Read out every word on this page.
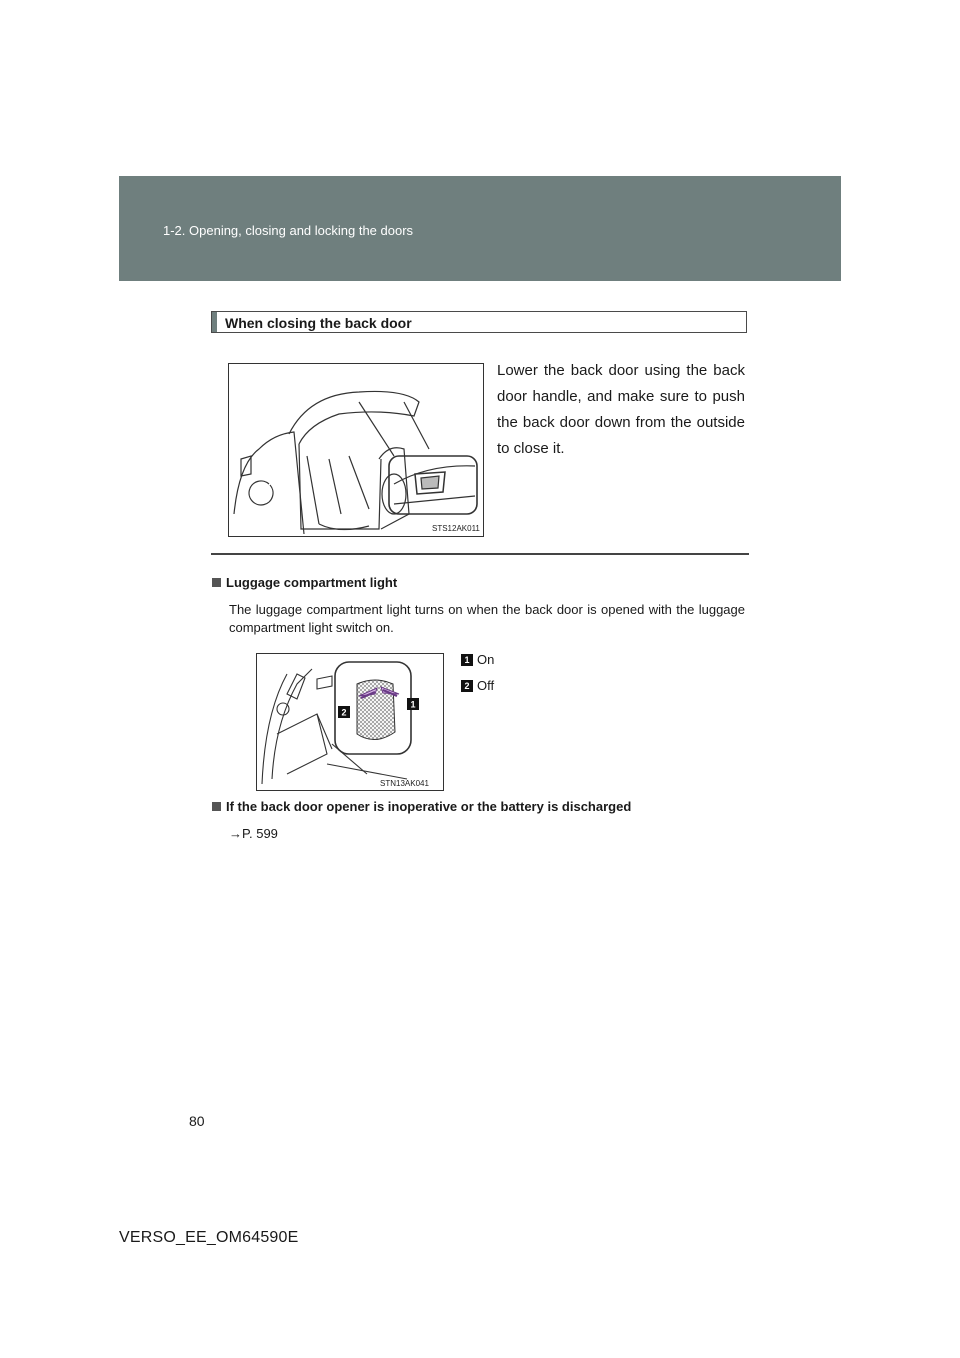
1-2. Opening, closing and locking the doors
When closing the back door
STS12AK011
Lower the back door using the back door handle, and make sure to push the back door down from the outside to close it.
Luggage compartment light
The luggage compartment light turns on when the back door is opened with the luggage compartment light switch on.
2
1
STN13AK041
1 On
2 Off
If the back door opener is inoperative or the battery is discharged
→P. 599
80
VERSO_EE_OM64590E
